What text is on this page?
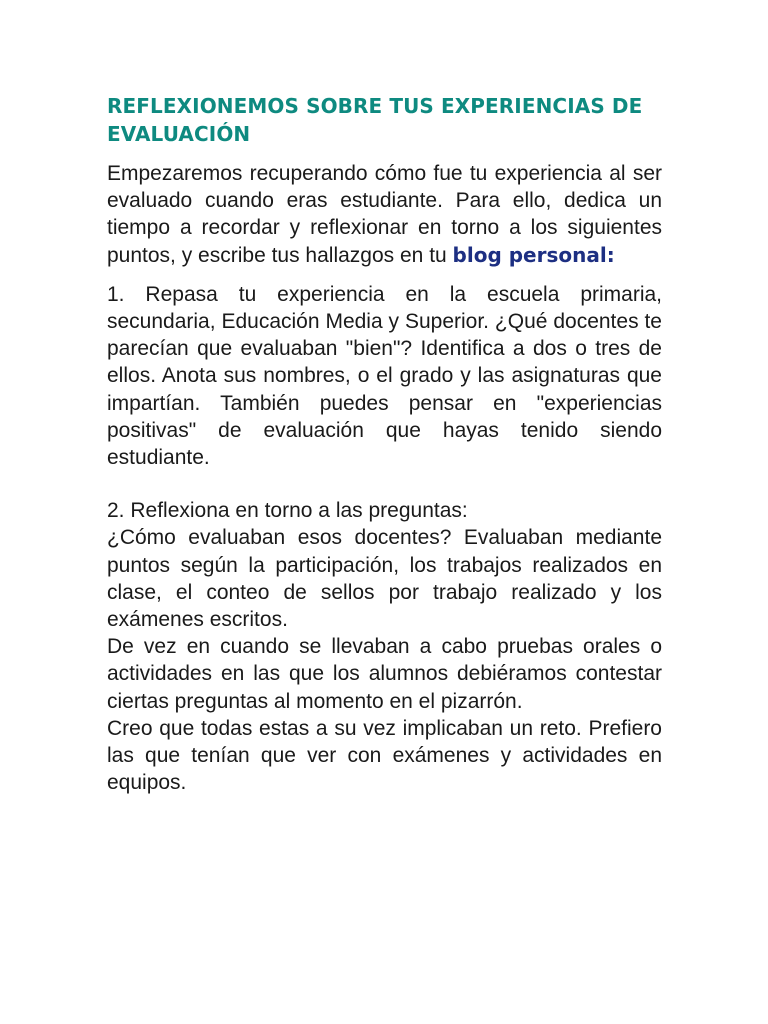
REFLEXIONEMOS SOBRE TUS EXPERIENCIAS DE EVALUACIÓN

Empezaremos recuperando cómo fue tu experiencia al ser evaluado cuando eras estudiante. Para ello, dedica un tiempo a recordar y reflexionar en torno a los siguientes puntos, y escribe tus hallazgos en tu blog personal:

1. Repasa tu experiencia en la escuela primaria, secundaria, Educación Media y Superior. ¿Qué docentes te parecían que evaluaban "bien"? Identifica a dos o tres de ellos. Anota sus nombres, o el grado y las asignaturas que impartían. También puedes pensar en "experiencias positivas" de evaluación que hayas tenido siendo estudiante.

2. Reflexiona en torno a las preguntas:
¿Cómo evaluaban esos docentes? Evaluaban mediante puntos según la participación, los trabajos realizados en clase, el conteo de sellos por trabajo realizado y los exámenes escritos.
De vez en cuando se llevaban a cabo pruebas orales o actividades en las que los alumnos debiéramos contestar ciertas preguntas al momento en el pizarrón.
Creo que todas estas a su vez implicaban un reto. Prefiero las que tenían que ver con exámenes y actividades en equipos.
